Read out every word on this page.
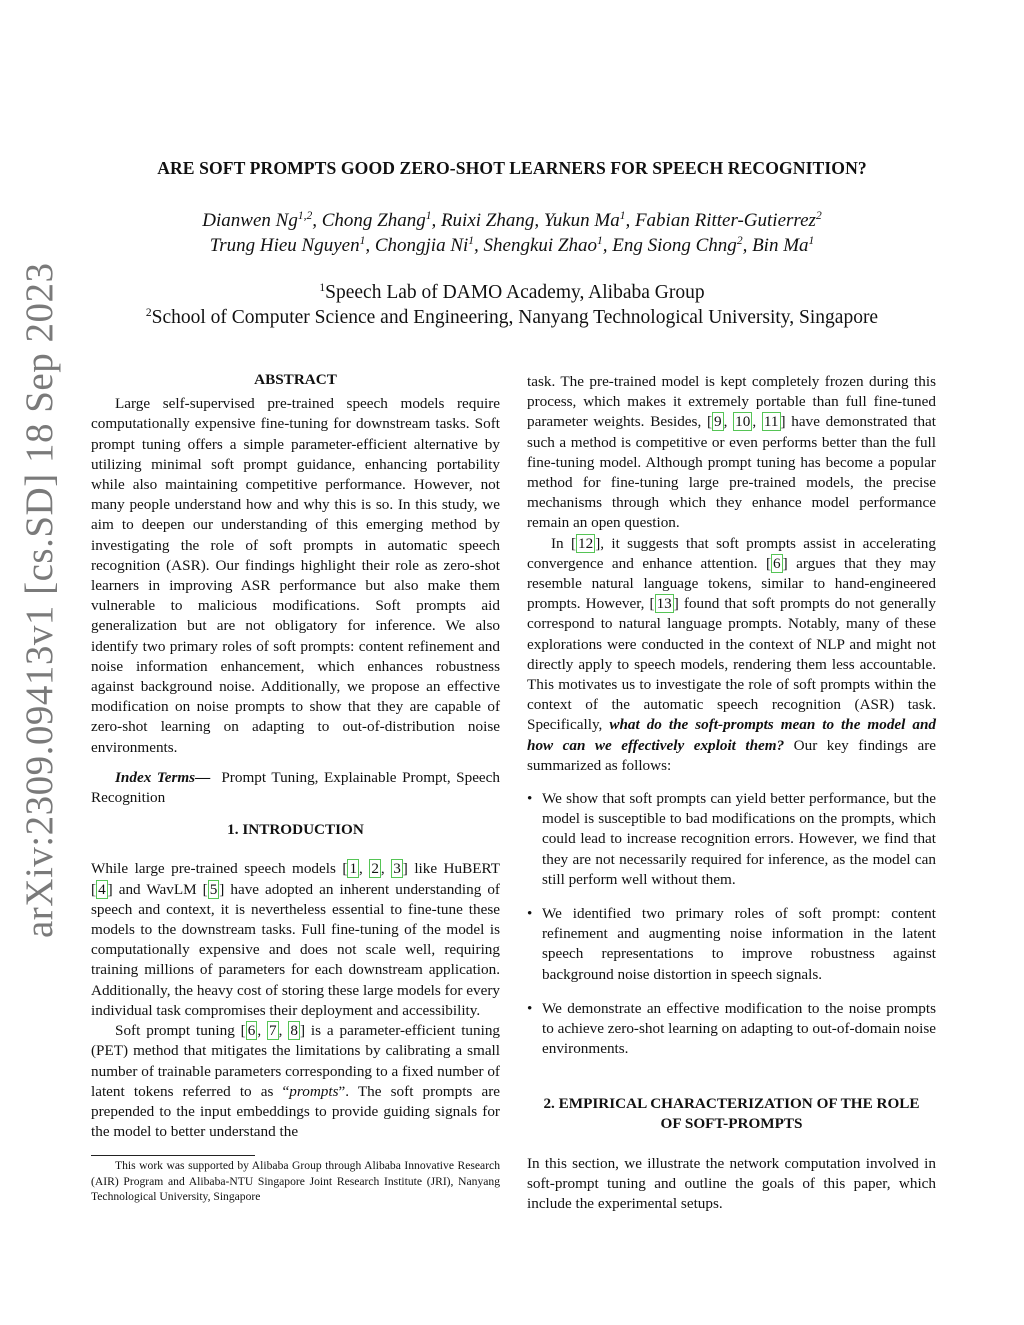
arXiv:2309.09413v1 [cs.SD] 18 Sep 2023
ARE SOFT PROMPTS GOOD ZERO-SHOT LEARNERS FOR SPEECH RECOGNITION?
Dianwen Ng$^{1,2}$, Chong Zhang$^1$, Ruixi Zhang, Yukun Ma$^1$, Fabian Ritter-Gutierrez$^2$
Trung Hieu Nguyen$^1$, Chongjia Ni$^1$, Shengkui Zhao$^1$, Eng Siong Chng$^2$, Bin Ma$^1$
$^1$Speech Lab of DAMO Academy, Alibaba Group
$^2$School of Computer Science and Engineering, Nanyang Technological University, Singapore
ABSTRACT

Large self-supervised pre-trained speech models require computationally expensive fine-tuning for downstream tasks. Soft prompt tuning offers a simple parameter-efficient alternative by utilizing minimal soft prompt guidance, enhancing portability while also maintaining competitive performance. However, not many people understand how and why this is so. In this study, we aim to deepen our understanding of this emerging method by investigating the role of soft prompts in automatic speech recognition (ASR). Our findings highlight their role as zero-shot learners in improving ASR performance but also make them vulnerable to malicious modifications. Soft prompts aid generalization but are not obligatory for inference. We also identify two primary roles of soft prompts: content refinement and noise information enhancement, which enhances robustness against background noise. Additionally, we propose an effective modification on noise prompts to show that they are capable of zero-shot learning on adapting to out-of-distribution noise environments.

Index Terms— Prompt Tuning, Explainable Prompt, Speech Recognition

1. INTRODUCTION

While large pre-trained speech models [ 1 , 2 , 3 ] like HuBERT [ 4 ] and WavLM [ 5 ] have adopted an inherent understanding of speech and context, it is nevertheless essential to fine-tune these models to the downstream tasks. Full fine-tuning of the model is computationally expensive and does not scale well, requiring training millions of parameters for each downstream application. Additionally, the heavy cost of storing these large models for every individual task compromises their deployment and accessibility.

Soft prompt tuning [ 6 , 7 , 8 ] is a parameter-efficient tuning (PET) method that mitigates the limitations by calibrating a small number of trainable parameters corresponding to a fixed number of latent tokens referred to as “prompts”. The soft prompts are prepended to the input embeddings to provide guiding signals for the model to better understand the

This work was supported by Alibaba Group through Alibaba Innovative Research (AIR) Program and Alibaba-NTU Singapore Joint Research Institute (JRI), Nanyang Technological University, Singapore

task. The pre-trained model is kept completely frozen during this process, which makes it extremely portable than full fine-tuned parameter weights. Besides, [ 9 , 10 , 11 ] have demonstrated that such a method is competitive or even performs better than the full fine-tuning model. Although prompt tuning has become a popular method for fine-tuning large pre-trained models, the precise mechanisms through which they enhance model performance remain an open question.

In [ 12 ], it suggests that soft prompts assist in accelerating convergence and enhance attention. [ 6 ] argues that they may resemble natural language tokens, similar to hand-engineered prompts. However, [ 13 ] found that soft prompts do not generally correspond to natural language prompts. Notably, many of these explorations were conducted in the context of NLP and might not directly apply to speech models, rendering them less accountable. This motivates us to investigate the role of soft prompts within the context of the automatic speech recognition (ASR) task. Specifically, what do the soft-prompts mean to the model and how can we effectively exploit them? Our key findings are summarized as follows:

• We show that soft prompts can yield better performance, but the model is susceptible to bad modifications on the prompts, which could lead to increase recognition errors. However, we find that they are not necessarily required for inference, as the model can still perform well without them.
• We identified two primary roles of soft prompt: content refinement and augmenting noise information in the latent speech representations to improve robustness against background noise distortion in speech signals.
• We demonstrate an effective modification to the noise prompts to achieve zero-shot learning on adapting to out-of-domain noise environments.
2. EMPIRICAL CHARACTERIZATION OF THE ROLE OF SOFT-PROMPTS

In this section, we illustrate the network computation involved in soft-prompt tuning and outline the goals of this paper, which include the experimental setups.
